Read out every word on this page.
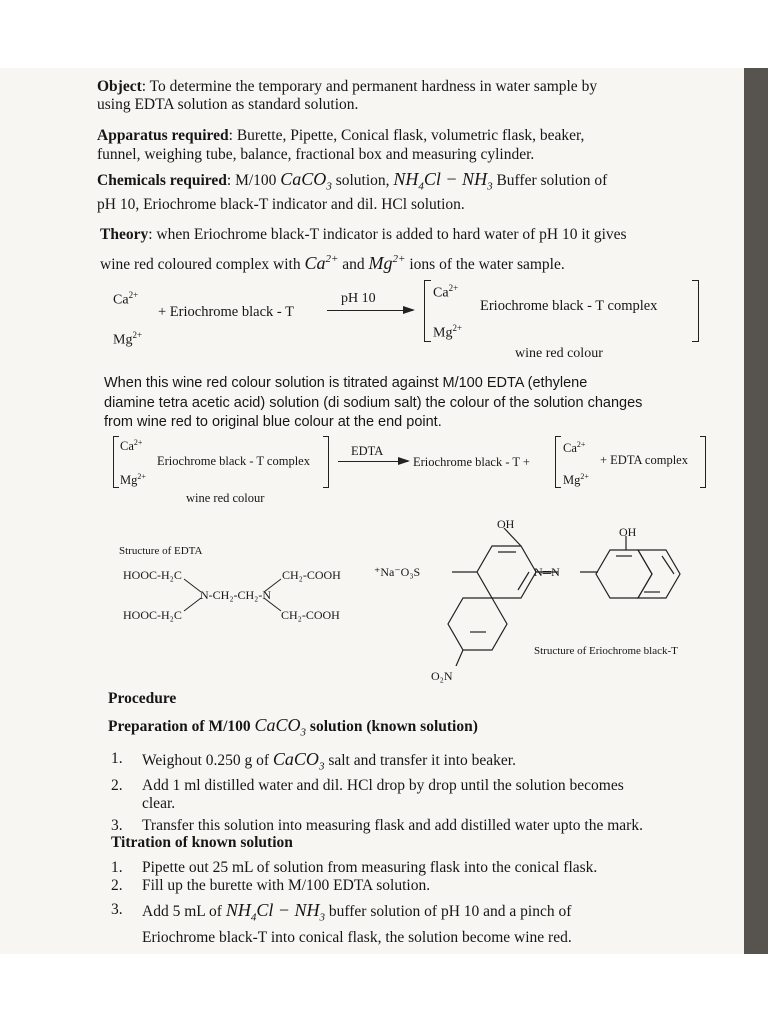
Object: To determine the temporary and permanent hardness in water sample by
using EDTA solution as standard solution.
Apparatus required: Burette, Pipette, Conical flask, volumetric flask, beaker,
funnel, weighing tube, balance, fractional box and measuring cylinder.
Chemicals required: M/100 CaCO$_3$ solution, $NH_4Cl - NH_3$ Buffer solution of
pH 10, Eriochrome black-T indicator and dil. HCl solution.
Theory: when Eriochrome black-T indicator is added to hard water of pH 10 it gives
wine red coloured complex with $Ca^{2+}$ and $Mg^{2+}$ ions of the water sample.
$Ca^{2+}$
$Mg^{2+}$
+ Eriochrome black - T
pH 10	$Ca^{2+}$
$Mg^{2+}$
Eriochrome black - T complex
wine red colour
When this wine red colour solution is titrated against M/100 EDTA (ethylene
diamine tetra acetic acid) solution (di sodium salt) the colour of the solution changes
from wine red to original blue colour at the end point.
$Ca^{2+}$
$Mg^{2+}$
Eriochrome black - T complex
EDTA
Eriochrome black - T +
$Ca^{2+}$
$Mg^{2+}$
+ EDTA complex
wine red colour
Structure of EDTA
HOOC-H₂C
HOOC-H₂C
N-CH₂-CH₂-N
CH₂-COOH
CH₂-COOH
OH
OH
⁺Na⁻O₃S	N═N
O₂N
Structure of Eriochrome black-T
Procedure
Preparation of M/100 CaCO$_3$ solution (known solution)
1. Weighout 0.250 g of CaCO$_3$ salt and transfer it into beaker.
2. Add 1 ml distilled water and dil. HCl drop by drop until the solution becomes
clear.
3. Transfer this solution into measuring flask and add distilled water upto the mark.
Titration of known solution
1. Pipette out 25 mL of solution from measuring flask into the conical flask.
2. Fill up the burette with M/100 EDTA solution.
3. Add 5 mL of $NH_4Cl - NH_3$ buffer solution of pH 10 and a pinch of
Eriochrome black-T into conical flask, the solution become wine red.
